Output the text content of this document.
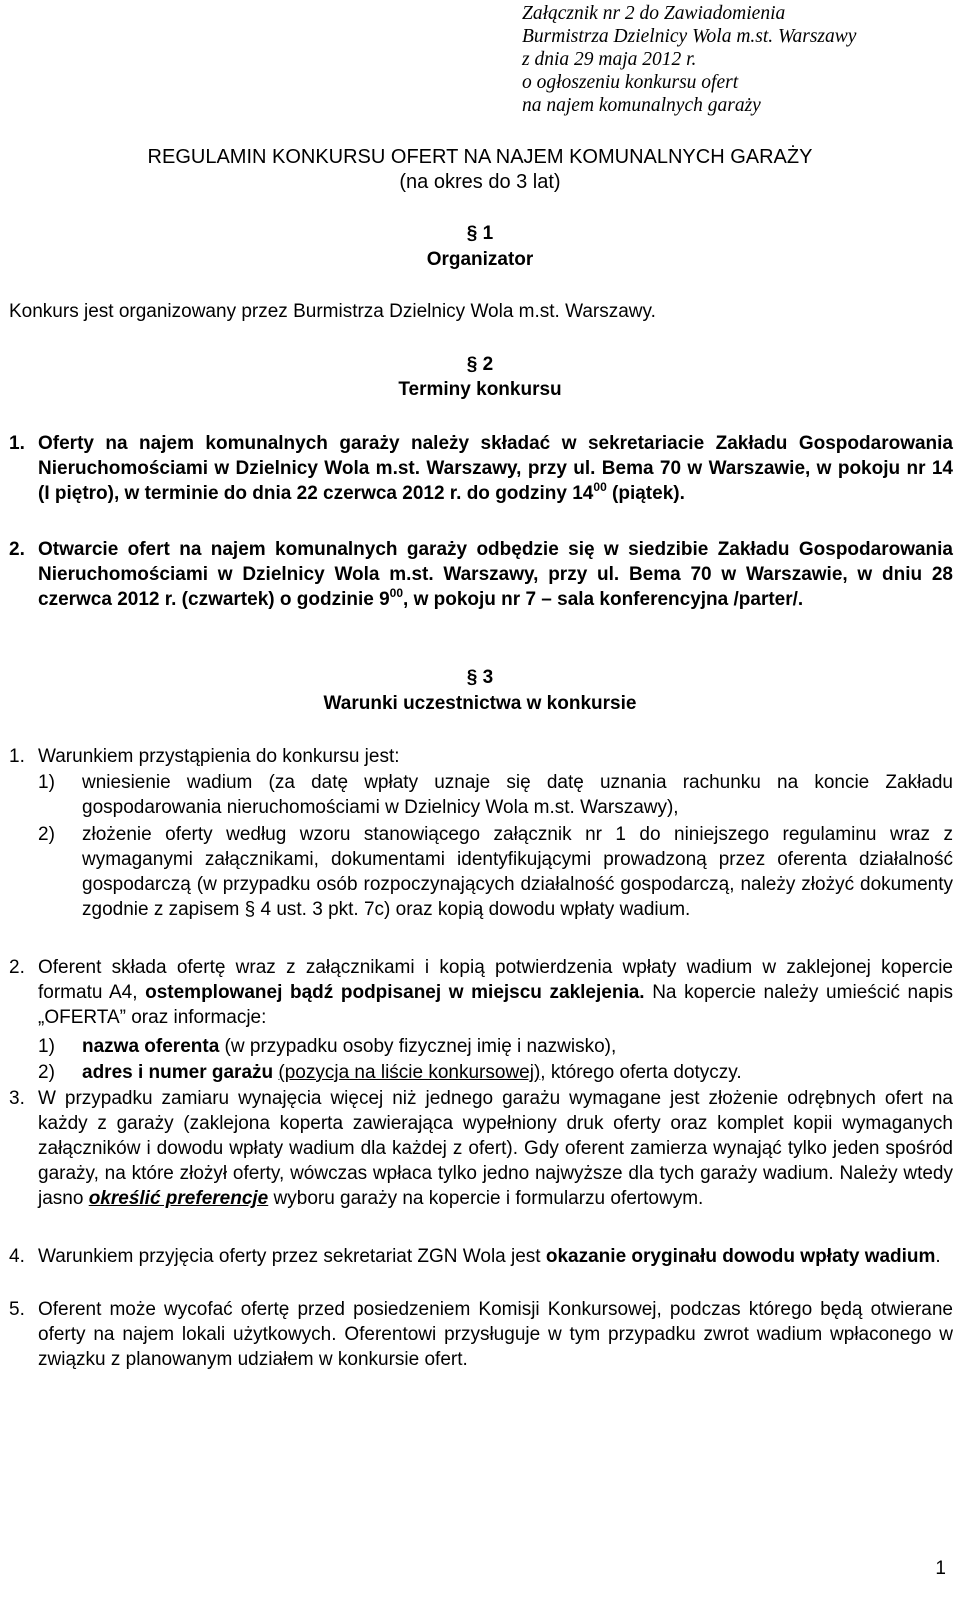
Załącznik nr 2 do Zawiadomienia
Burmistrza Dzielnicy Wola m.st. Warszawy
z dnia 29 maja 2012 r.
o ogłoszeniu konkursu ofert
na najem komunalnych garaży
REGULAMIN KONKURSU OFERT NA NAJEM KOMUNALNYCH GARAŻY
(na okres do 3 lat)
§ 1
Organizator
Konkurs jest organizowany przez Burmistrza Dzielnicy Wola m.st. Warszawy.
§ 2
Terminy konkursu
1. Oferty na najem komunalnych garaży należy składać w sekretariacie Zakładu Gospodarowania Nieruchomościami w Dzielnicy Wola m.st. Warszawy, przy ul. Bema 70 w Warszawie, w pokoju nr 14 (I piętro), w terminie do dnia 22 czerwca 2012 r. do godziny $14^{00}$ (piątek).
2. Otwarcie ofert na najem komunalnych garaży odbędzie się w siedzibie Zakładu Gospodarowania Nieruchomościami w Dzielnicy Wola m.st. Warszawy, przy ul. Bema 70 w Warszawie, w dniu 28 czerwca 2012 r. (czwartek) o godzinie $9^{00}$, w pokoju nr 7 – sala konferencyjna /parter/.
§ 3
Warunki uczestnictwa w konkursie
1. Warunkiem przystąpienia do konkursu jest:
1) wniesienie wadium (za datę wpłaty uznaje się datę uznania rachunku na koncie Zakładu gospodarowania nieruchomościami w Dzielnicy Wola m.st. Warszawy),
2) złożenie oferty według wzoru stanowiącego załącznik nr 1 do niniejszego regulaminu wraz z wymaganymi załącznikami, dokumentami identyfikującymi prowadzoną przez oferenta działalność gospodarczą (w przypadku osób rozpoczynających działalność gospodarczą, należy złożyć dokumenty zgodnie z zapisem § 4 ust. 3 pkt. 7c) oraz kopią dowodu wpłaty wadium.
2. Oferent składa ofertę wraz z załącznikami i kopią potwierdzenia wpłaty wadium w zaklejonej kopercie formatu A4, ostemplowanej bądź podpisanej w miejscu zaklejenia. Na kopercie należy umieścić napis „OFERTA” oraz informacje:
1) nazwa oferenta (w przypadku osoby fizycznej imię i nazwisko),
2) adres i numer garażu (pozycja na liście konkursowej), którego oferta dotyczy.
3. W przypadku zamiaru wynajęcia więcej niż jednego garażu wymagane jest złożenie odrębnych ofert na każdy z garaży (zaklejona koperta zawierająca wypełniony druk oferty oraz komplet kopii wymaganych załączników i dowodu wpłaty wadium dla każdej z ofert). Gdy oferent zamierza wynająć tylko jeden spośród garaży, na które złożył oferty, wówczas wpłaca tylko jedno najwyższe dla tych garaży wadium. Należy wtedy jasno określić preferencje wyboru garaży na kopercie i formularzu ofertowym.
4. Warunkiem przyjęcia oferty przez sekretariat ZGN Wola jest okazanie oryginału dowodu wpłaty wadium.
5. Oferent może wycofać ofertę przed posiedzeniem Komisji Konkursowej, podczas którego będą otwierane oferty na najem lokali użytkowych. Oferentowi przysługuje w tym przypadku zwrot wadium wpłaconego w związku z planowanym udziałem w konkursie ofert.
1
